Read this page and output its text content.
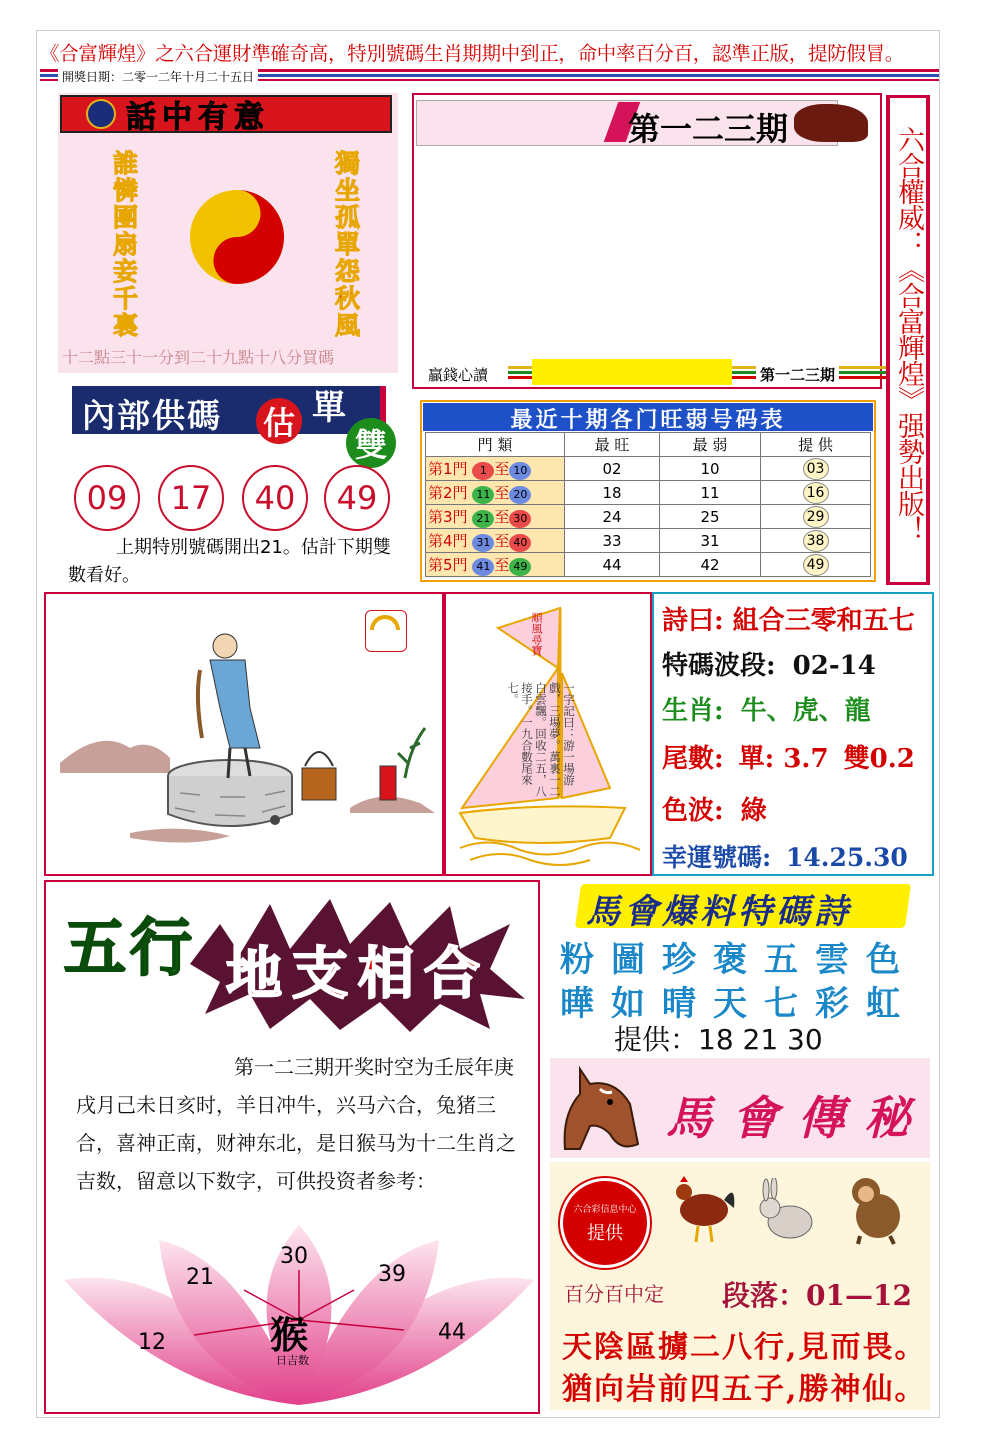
《合富輝煌》之六合運財準確奇高，特別號碼生肖期期中到正，命中率百分百，認準正版，提防假冒。
開獎日期：二零一二年十月二十五日
話中有意
誰憐團扇妾千裏	獨坐孤單怨秋風
十二點三十一分到二十九點十八分買碼
第一二三期
贏錢心讀	第一二三期 六合權威：《合富輝煌》强勢出版！
內部供碼 估 單
雙
09	17	40	49
上期特別號碼開出21。估計下期雙數看好。
最近十期各门旺弱号码表
門 類	最 旺	最 弱	提 供
第1門 1 至 10	02	10	03
第2門 11 至 20	18	11	16
第3門 21 至 30	24	25	29
第4門 31 至 40	33	31	38
第5門 41 至 49	44	42	49
順風尋寶
一字記曰：游一場游戲，三場夢。萬裏一二白雲飄。回收二五，八接手。一九合數尾來七。
詩曰: 組合三零和五七
特碼波段: 02-14
生肖: 牛、虎、龍
尾數: 單: 3.7 雙0.2
色波: 綠
幸運號碼: 14.25.30
五行 地支相合
第一二三期开奖时空为壬辰年庚戌月己未日亥时，羊日冲牛，兴马六合，兔猪三合，喜神正南，财神东北，是日猴马为十二生肖之吉数，留意以下数字，可供投资者参考：
12
21
30
39
44
猴
日吉数
馬會爆料特碼詩
粉圖珍褒五雲色
曄如晴天七彩虹
提供：18 21 30
馬會傳秘
六合彩信息中心
提供
百分百中定 段落：01—12
天陰區擄二八行,見而畏。
猶向岩前四五子,勝神仙。
